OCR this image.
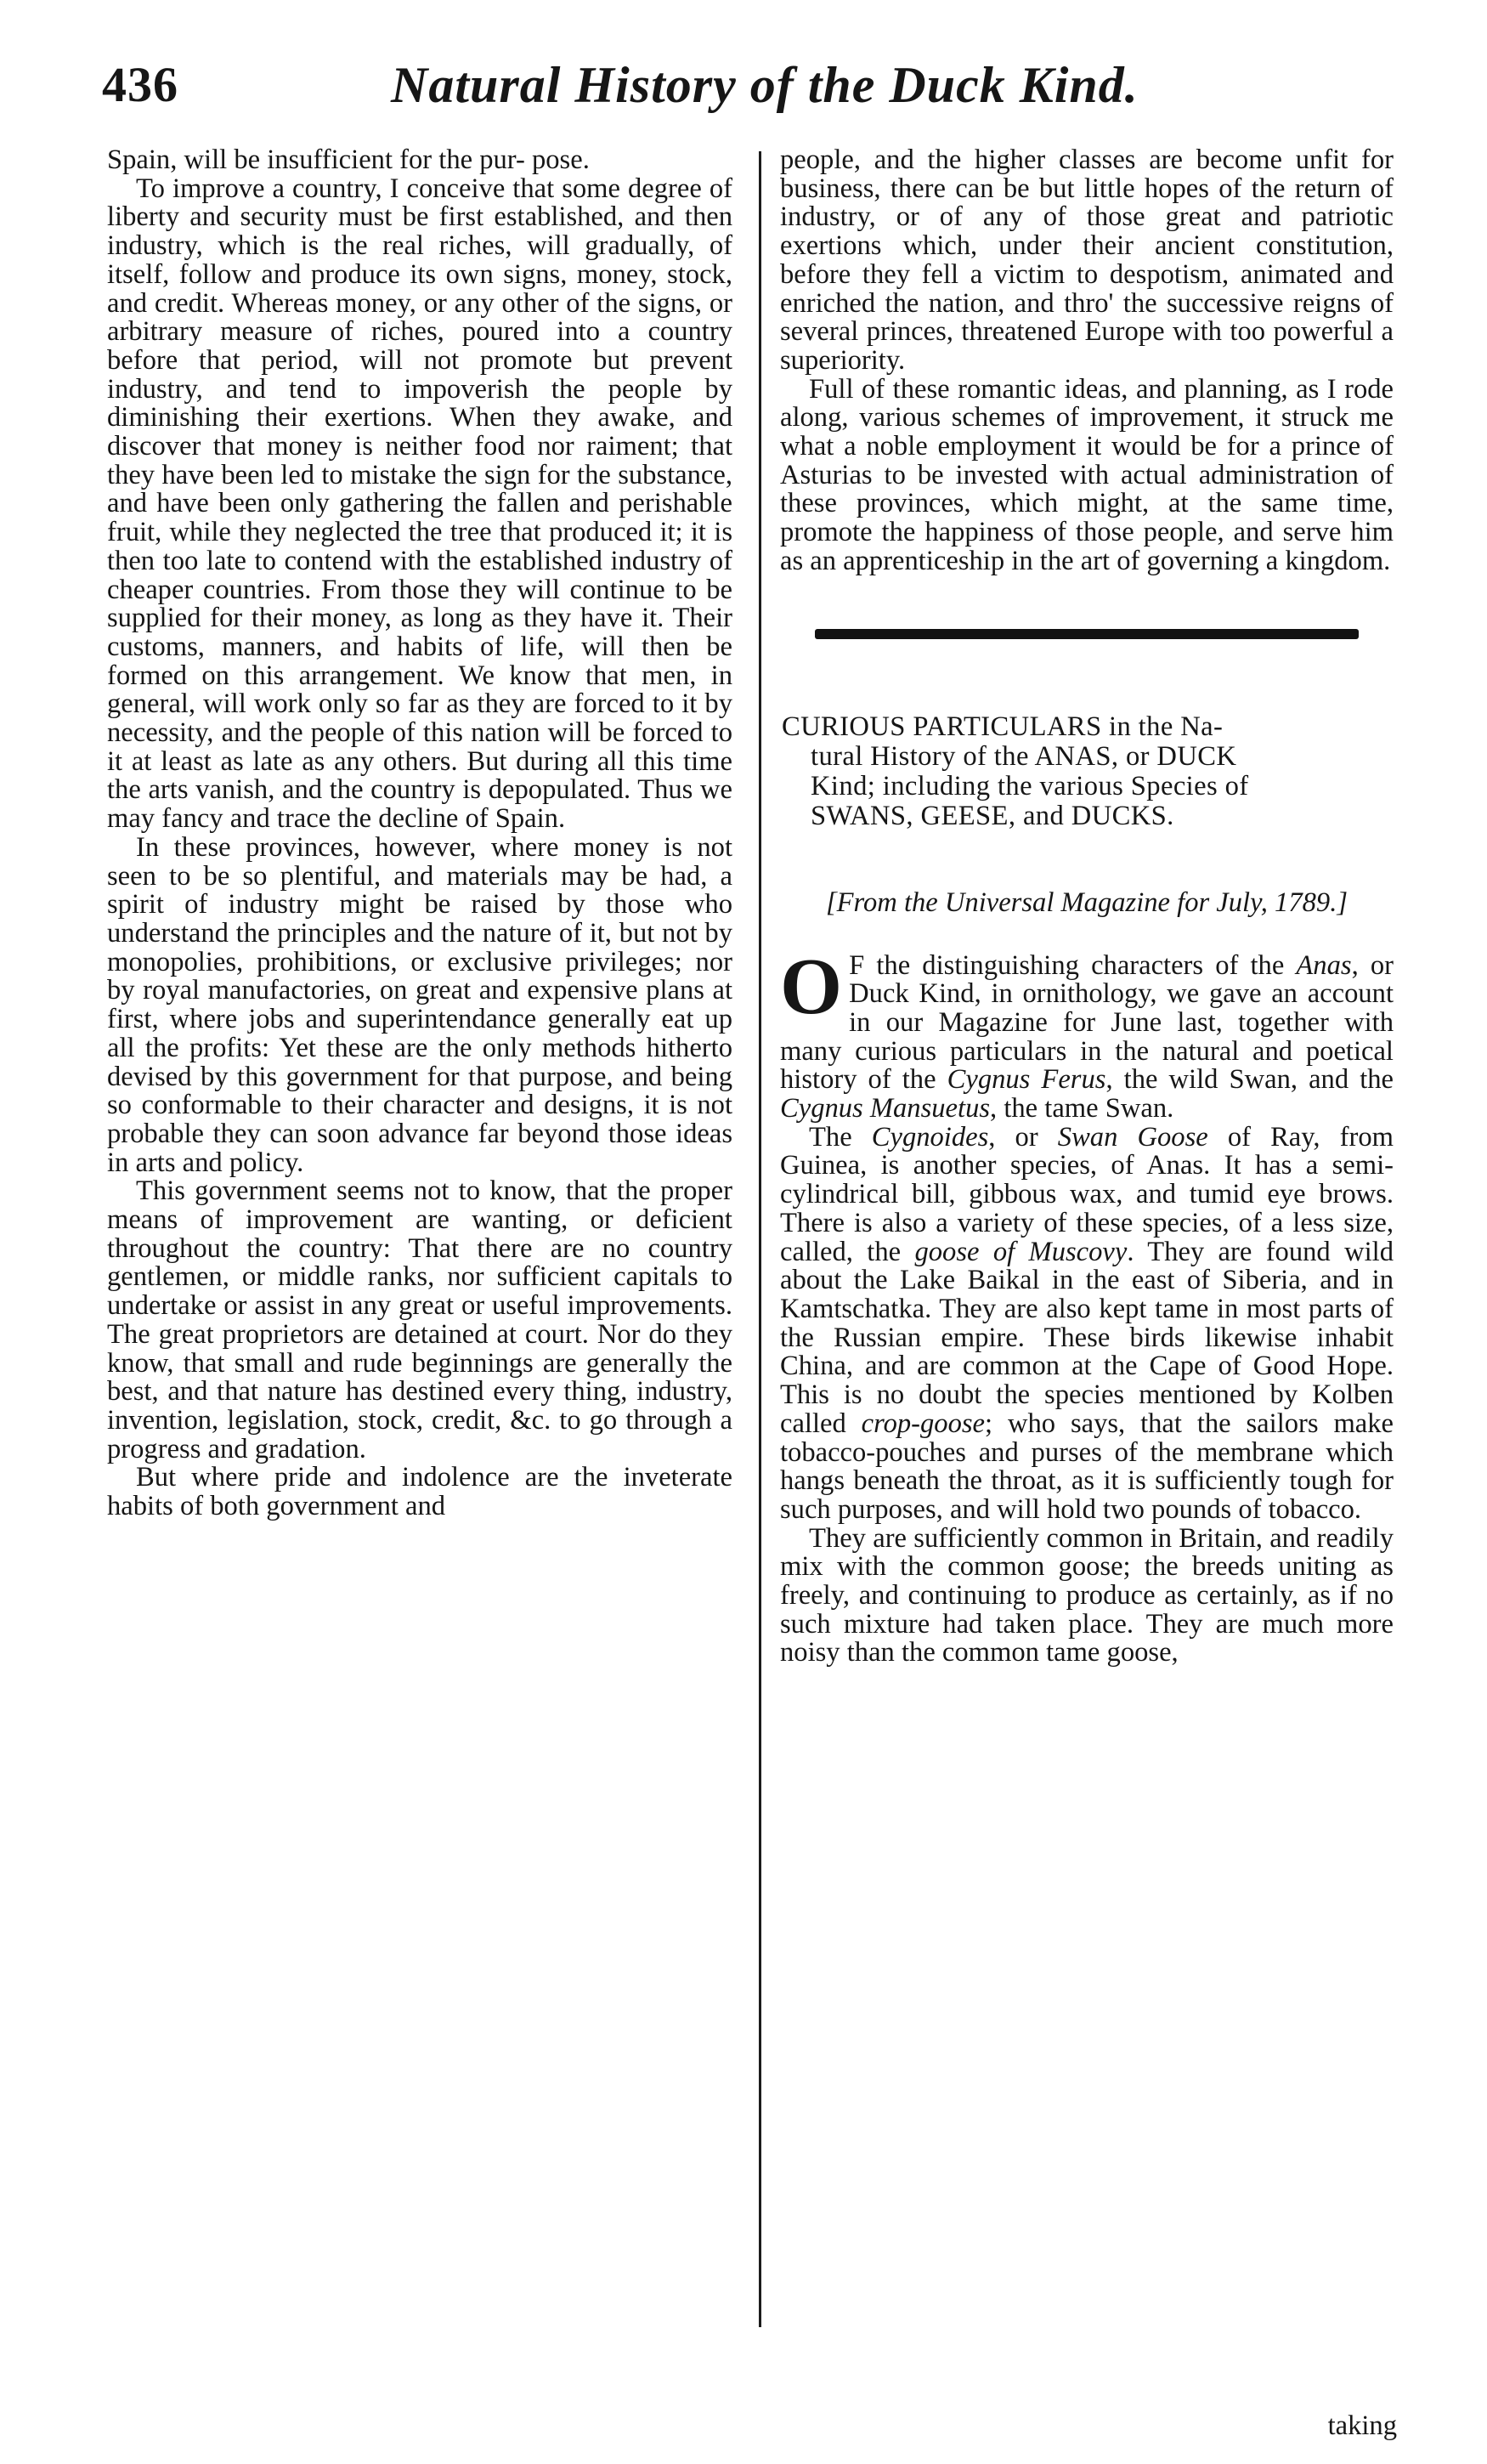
436	Natural History of the Duck Kind.

Spain, will be insufficient for the pur- pose.

To improve a country, I conceive that some degree of liberty and security must be first established, and then industry, which is the real riches, will gradually, of itself, follow and produce its own signs, money, stock, and credit. Whereas money, or any other of the signs, or arbitrary measure of riches, poured into a country before that period, will not promote but prevent industry, and tend to impoverish the people by diminishing their exertions. When they awake, and discover that money is neither food nor raiment; that they have been led to mistake the sign for the substance, and have been only gathering the fallen and perishable fruit, while they neglected the tree that produced it; it is then too late to contend with the established industry of cheaper countries. From those they will continue to be supplied for their money, as long as they have it. Their customs, manners, and habits of life, will then be formed on this arrangement. We know that men, in general, will work only so far as they are forced to it by necessity, and the people of this nation will be forced to it at least as late as any others. But during all this time the arts vanish, and the country is depopulated. Thus we may fancy and trace the decline of Spain.

In these provinces, however, where money is not seen to be so plentiful, and materials may be had, a spirit of industry might be raised by those who understand the principles and the nature of it, but not by monopolies, prohibitions, or exclusive privileges; nor by royal manufactories, on great and expensive plans at first, where jobs and superintendance generally eat up all the profits: Yet these are the only methods hitherto devised by this government for that purpose, and being so conformable to their character and designs, it is not probable they can soon advance far beyond those ideas in arts and policy.

This government seems not to know, that the proper means of improvement are wanting, or deficient throughout the country: That there are no country gentlemen, or middle ranks, nor sufficient capitals to undertake or assist in any great or useful improvements. The great proprietors are detained at court. Nor do they know, that small and rude beginnings are generally the best, and that nature has destined every thing, industry, invention, legislation, stock, credit, &c. to go through a progress and gradation.

But where pride and indolence are the inveterate habits of both government and

people, and the higher classes are become unfit for business, there can be but little hopes of the return of industry, or of any of those great and patriotic exertions which, under their ancient constitution, before they fell a victim to despotism, animated and enriched the nation, and thro' the successive reigns of several princes, threatened Europe with too powerful a superiority.

Full of these romantic ideas, and planning, as I rode along, various schemes of improvement, it struck me what a noble employment it would be for a prince of Asturias to be invested with actual administration of these provinces, which might, at the same time, promote the happiness of those people, and serve him as an apprenticeship in the art of governing a kingdom.

CURIOUS PARTICULARS in the Na-
tural History of the ANAS, or DUCK
Kind; including the various Species of
SWANS, GEESE, and DUCKS.
[From the Universal Magazine for July, 1789.]

O F the distinguishing characters of the Anas, or Duck Kind, in ornithology, we gave an account in our Magazine for June last, together with many curious particulars in the natural and poetical history of the Cygnus Ferus, the wild Swan, and the Cygnus Mansuetus, the tame Swan.

The Cygnoides, or Swan Goose of Ray, from Guinea, is another species, of Anas. It has a semi-cylindrical bill, gibbous wax, and tumid eye brows. There is also a variety of these species, of a less size, called, the goose of Muscovy. They are found wild about the Lake Baikal in the east of Siberia, and in Kamtschatka. They are also kept tame in most parts of the Russian empire. These birds likewise inhabit China, and are common at the Cape of Good Hope. This is no doubt the species mentioned by Kolben called crop-goose; who says, that the sailors make tobacco-pouches and purses of the membrane which hangs beneath the throat, as it is sufficiently tough for such purposes, and will hold two pounds of tobacco.

They are sufficiently common in Britain, and readily mix with the common goose; the breeds uniting as freely, and continuing to produce as certainly, as if no such mixture had taken place. They are much more noisy than the common tame goose,

taking
